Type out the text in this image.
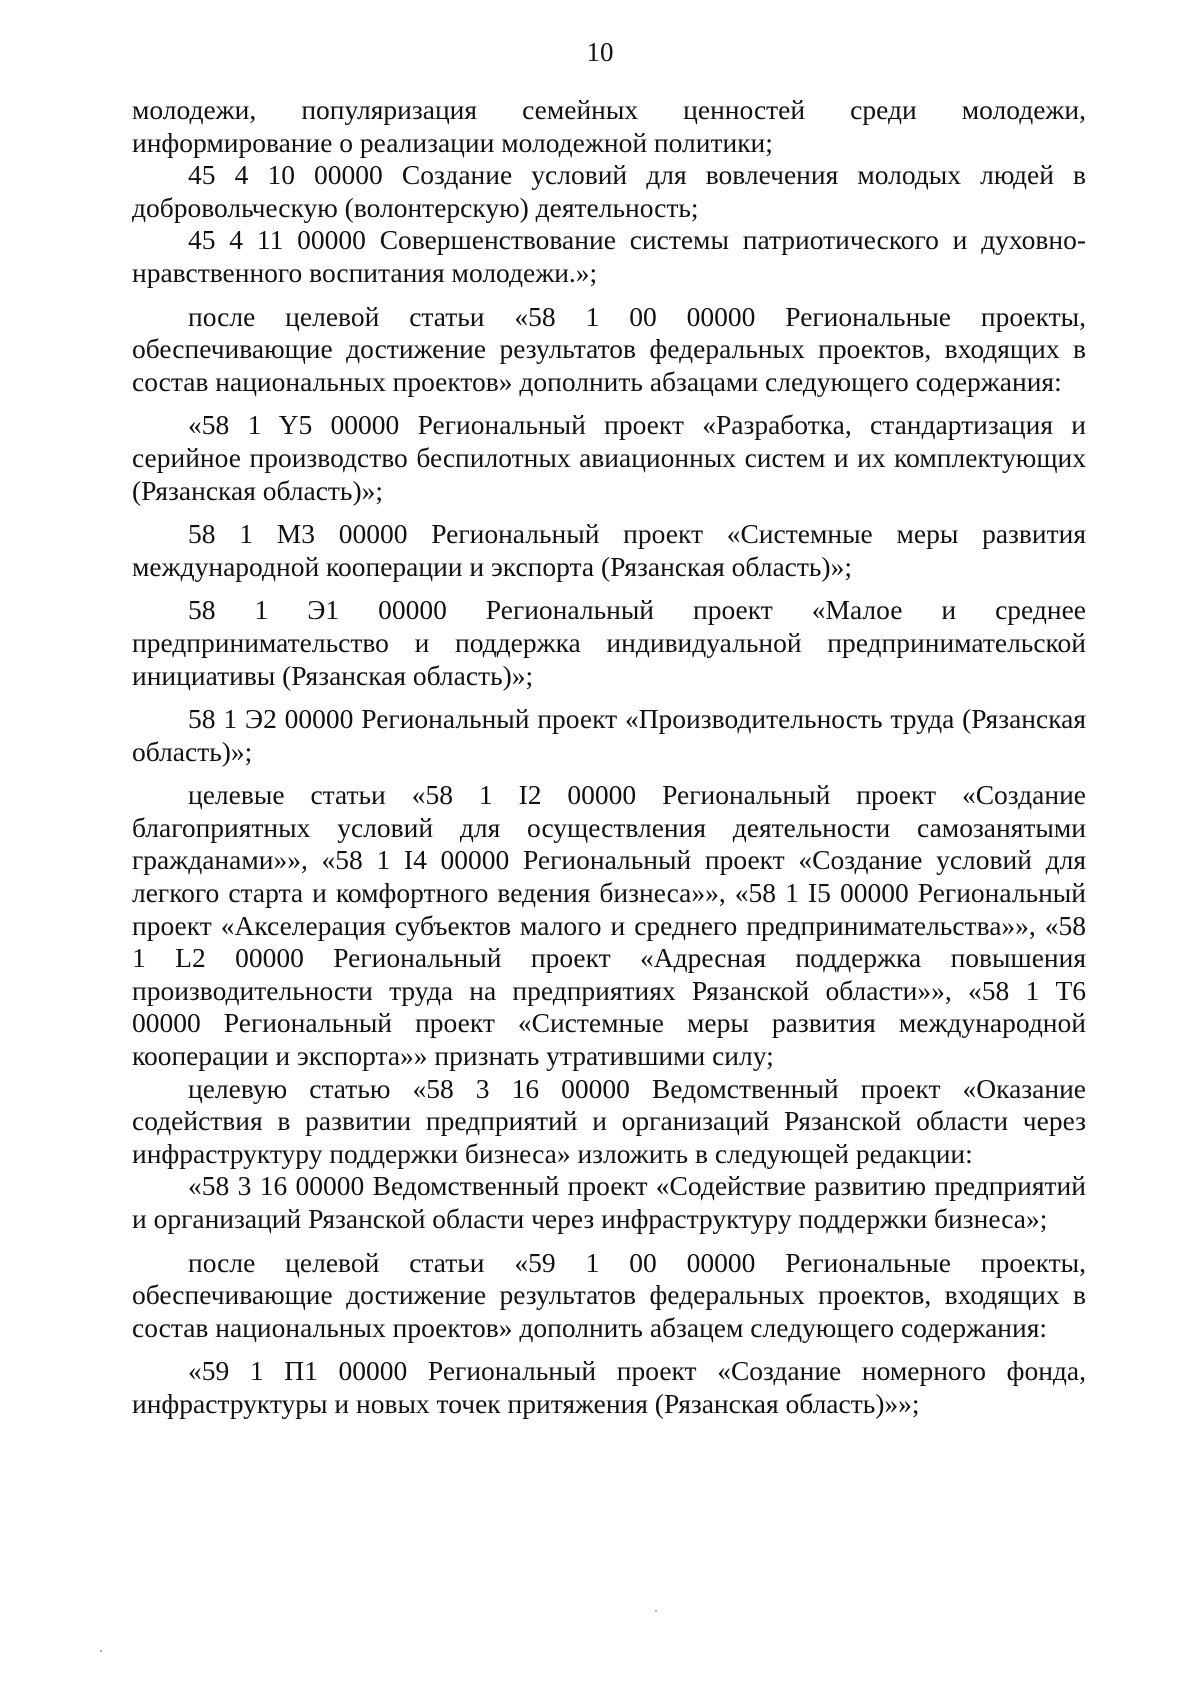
10

молодежи, популяризация семейных ценностей среди молодежи, информирование о реализации молодежной политики;

45 4 10 00000 Создание условий для вовлечения молодых людей в добровольческую (волонтерскую) деятельность;

45 4 11 00000 Совершенствование системы патриотического и духовно-нравственного воспитания молодежи.»;

после целевой статьи «58 1 00 00000 Региональные проекты, обеспечивающие достижение результатов федеральных проектов, входящих в состав национальных проектов» дополнить абзацами следующего содержания:

«58 1 Y5 00000 Региональный проект «Разработка, стандартизация и серийное производство беспилотных авиационных систем и их комплектующих (Рязанская область)»;

58 1 М3 00000 Региональный проект «Системные меры развития международной кооперации и экспорта (Рязанская область)»;

58 1 Э1 00000 Региональный проект «Малое и среднее предпринимательство и поддержка индивидуальной предпринимательской инициативы (Рязанская область)»;

58 1 Э2 00000 Региональный проект «Производительность труда (Рязанская область)»;

целевые статьи «58 1 I2 00000 Региональный проект «Создание благоприятных условий для осуществления деятельности самозанятыми гражданами»», «58 1 I4 00000 Региональный проект «Создание условий для легкого старта и комфортного ведения бизнеса»», «58 1 I5 00000 Региональный проект «Акселерация субъектов малого и среднего предпринимательства»», «58 1 L2 00000 Региональный проект «Адресная поддержка повышения производительности труда на предприятиях Рязанской области»», «58 1 Т6 00000 Региональный проект «Системные меры развития международной кооперации и экспорта»» признать утратившими силу;

целевую статью «58 3 16 00000 Ведомственный проект «Оказание содействия в развитии предприятий и организаций Рязанской области через инфраструктуру поддержки бизнеса» изложить в следующей редакции:

«58 3 16 00000 Ведомственный проект «Содействие развитию предприятий и организаций Рязанской области через инфраструктуру поддержки бизнеса»;

после целевой статьи «59 1 00 00000 Региональные проекты, обеспечивающие достижение результатов федеральных проектов, входящих в состав национальных проектов» дополнить абзацем следующего содержания:

«59 1 П1 00000 Региональный проект «Создание номерного фонда, инфраструктуры и новых точек притяжения (Рязанская область)»»;
